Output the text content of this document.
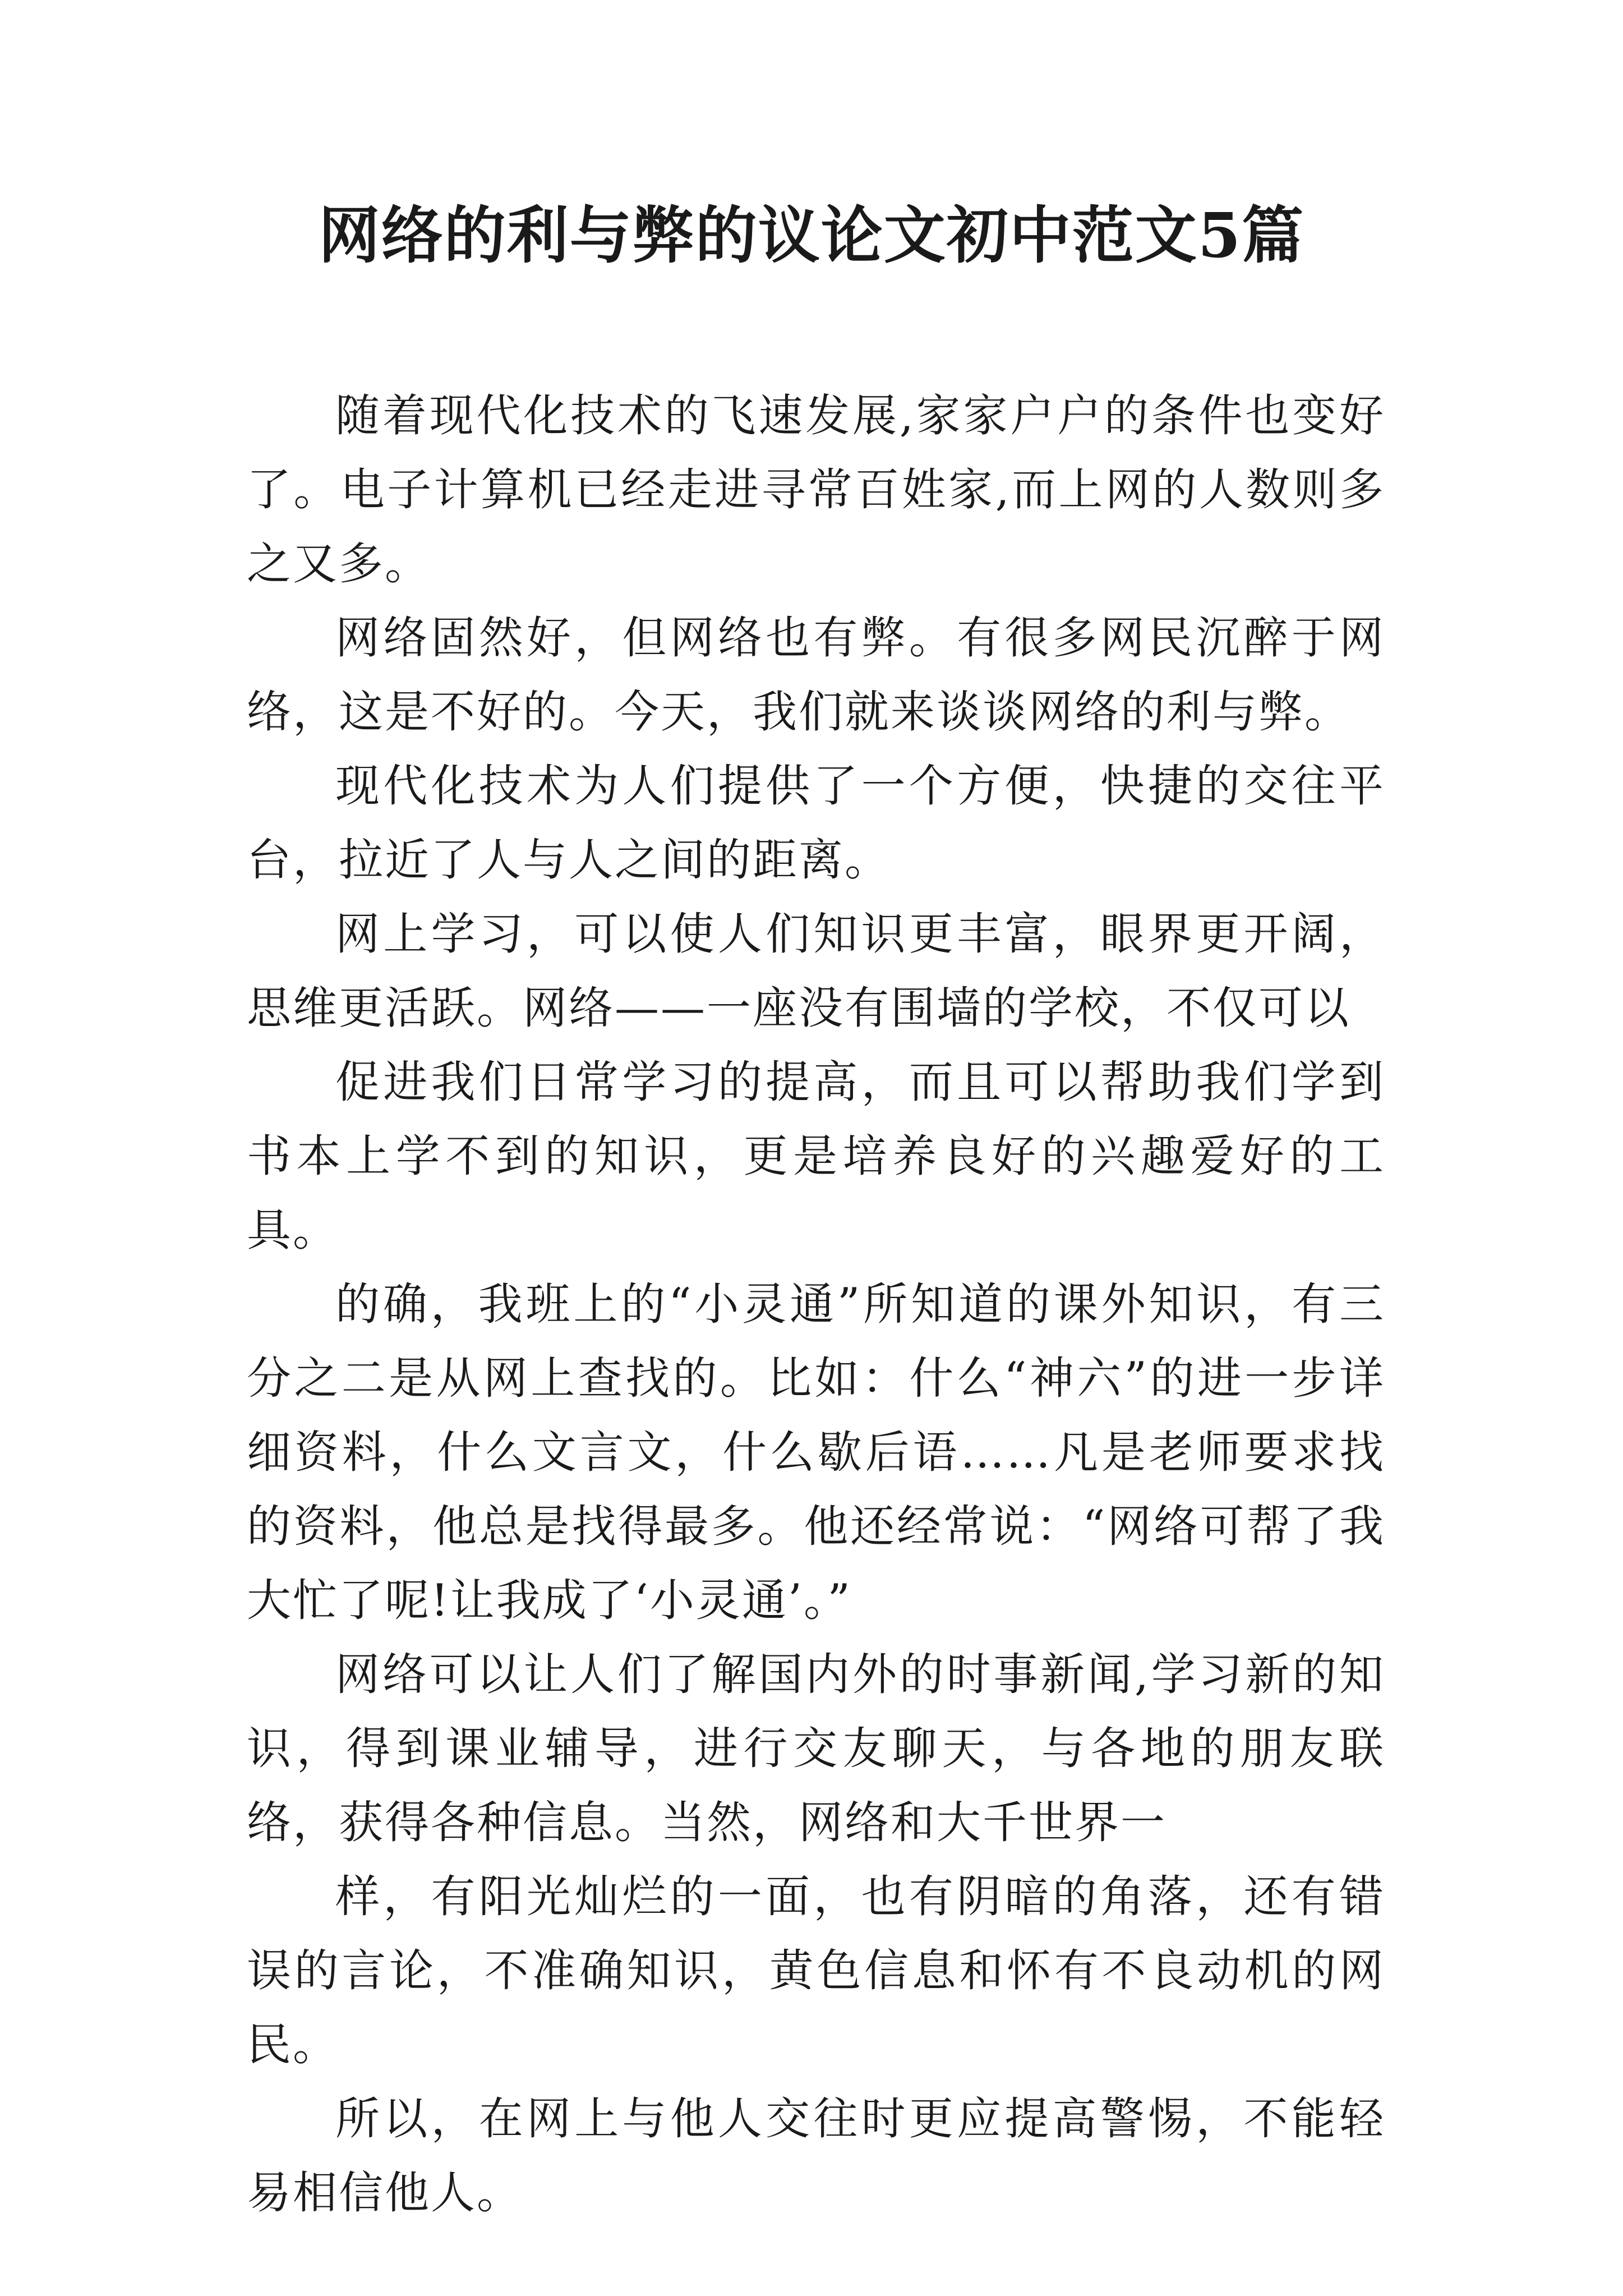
网络的利与弊的议论文初中范文5篇

随着现代化技术的飞速发展,家家户户的条件也变好了。电子计算机已经走进寻常百姓家,而上网的人数则多之又多。

网络固然好，但网络也有弊。有很多网民沉醉于网络，这是不好的。今天，我们就来谈谈网络的利与弊。

现代化技术为人们提供了一个方便，快捷的交往平台，拉近了人与人之间的距离。

网上学习，可以使人们知识更丰富，眼界更开阔，思维更活跃。网络——一座没有围墙的学校，不仅可以

促进我们日常学习的提高，而且可以帮助我们学到书本上学不到的知识，更是培养良好的兴趣爱好的工具。

的确，我班上的“小灵通”所知道的课外知识，有三分之二是从网上查找的。比如：什么“神六”的进一步详细资料，什么文言文，什么歇后语……凡是老师要求找的资料，他总是找得最多。他还经常说：“网络可帮了我大忙了呢!让我成了‘小灵通’。”

网络可以让人们了解国内外的时事新闻,学习新的知识，得到课业辅导，进行交友聊天，与各地的朋友联络，获得各种信息。当然，网络和大千世界一

样，有阳光灿烂的一面，也有阴暗的角落，还有错误的言论，不准确知识，黄色信息和怀有不良动机的网民。

所以，在网上与他人交往时更应提高警惕，不能轻易相信他人。
